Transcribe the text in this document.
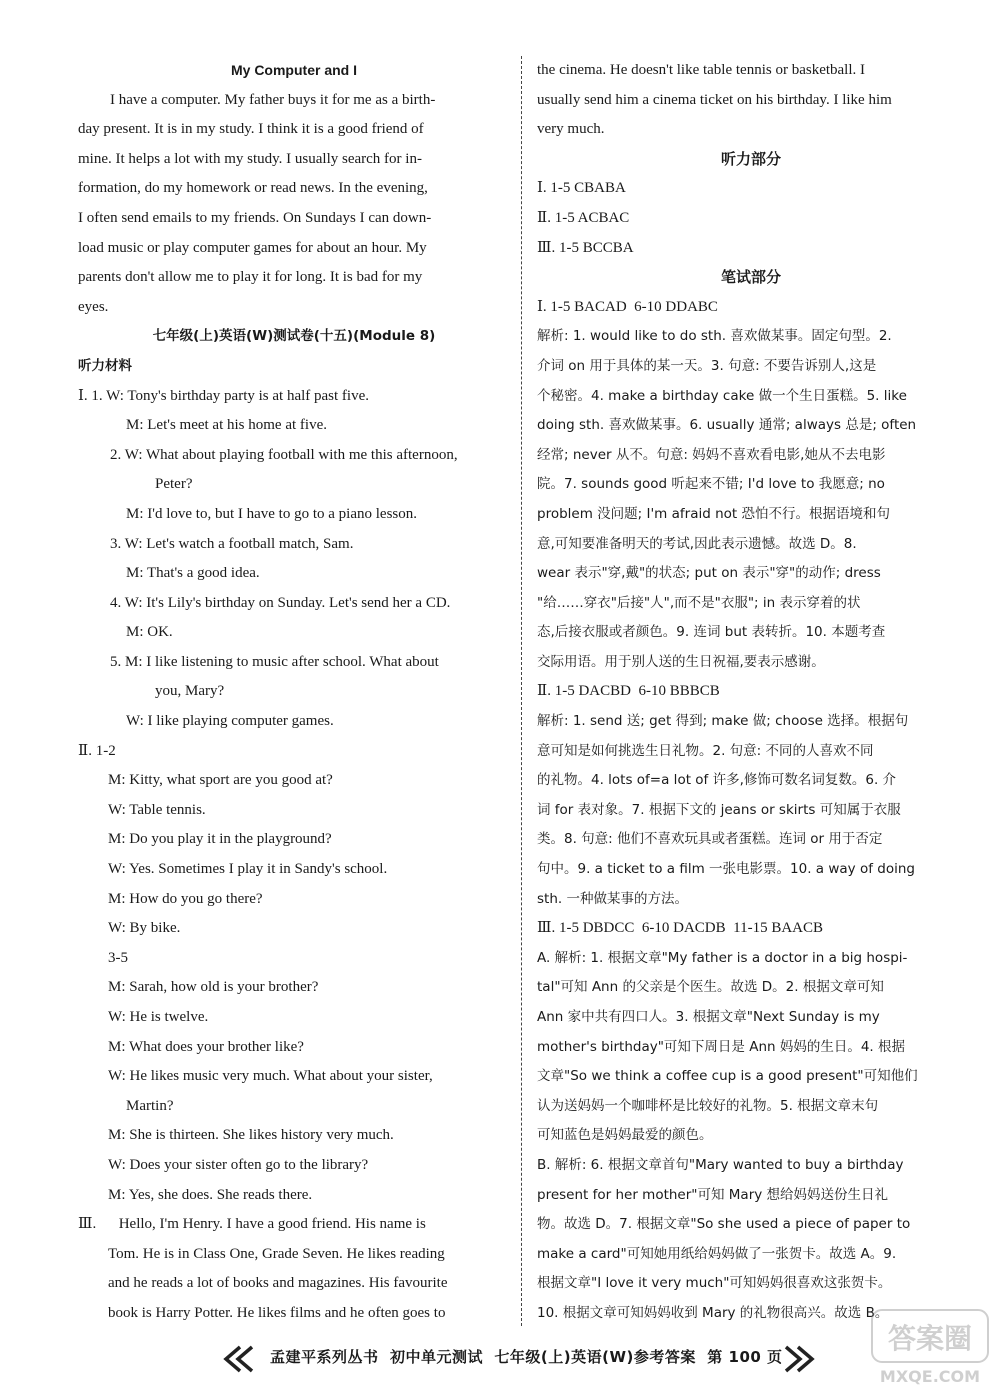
My Computer and I

I have a computer. My father buys it for me as a birth-

day present. It is in my study. I think it is a good friend of

mine. It helps a lot with my study. I usually search for in-

formation, do my homework or read news. In the evening,

I often send emails to my friends. On Sundays I can down-

load music or play computer games for about an hour. My

parents don't allow me to play it for long. It is bad for my

eyes.

七年级(上)英语(W)测试卷(十五)(Module 8)

听力材料

Ⅰ. 1. W: Tony's birthday party is at half past five.

M: Let's meet at his home at five.

2. W: What about playing football with me this afternoon,

Peter?

M: I'd love to, but I have to go to a piano lesson.

3. W: Let's watch a football match, Sam.

M: That's a good idea.

4. W: It's Lily's birthday on Sunday. Let's send her a CD.

M: OK.

5. M: I like listening to music after school. What about

you, Mary?

W: I like playing computer games.

Ⅱ. 1-2

M: Kitty, what sport are you good at?

W: Table tennis.

M: Do you play it in the playground?

W: Yes. Sometimes I play it in Sandy's school.

M: How do you go there?

W: By bike.

3-5

M: Sarah, how old is your brother?

W: He is twelve.

M: What does your brother like?

W: He likes music very much. What about your sister,

Martin?

M: She is thirteen. She likes history very much.

W: Does your sister often go to the library?

M: Yes, she does. She reads there.

Ⅲ.      Hello, I'm Henry. I have a good friend. His name is

Tom. He is in Class One, Grade Seven. He likes reading

and he reads a lot of books and magazines. His favourite

book is Harry Potter. He likes films and he often goes to

the cinema. He doesn't like table tennis or basketball. I

usually send him a cinema ticket on his birthday. I like him

very much.

听力部分

Ⅰ. 1-5 CBABA

Ⅱ. 1-5 ACBAC

Ⅲ. 1-5 BCCBA

笔试部分

Ⅰ. 1-5 BACAD  6-10 DDABC

解析: 1. would like to do sth. 喜欢做某事。固定句型。2.

介词 on 用于具体的某一天。3. 句意: 不要告诉别人,这是

个秘密。4. make a birthday cake 做一个生日蛋糕。5. like

doing sth. 喜欢做某事。6. usually 通常; always 总是; often

经常; never 从不。句意: 妈妈不喜欢看电影,她从不去电影

院。7. sounds good 听起来不错; I'd love to 我愿意; no

problem 没问题; I'm afraid not 恐怕不行。根据语境和句

意,可知要准备明天的考试,因此表示遗憾。故选 D。8.

wear 表示"穿,戴"的状态; put on 表示"穿"的动作; dress

"给……穿衣"后接"人",而不是"衣服"; in 表示穿着的状

态,后接衣服或者颜色。9. 连词 but 表转折。10. 本题考查

交际用语。用于别人送的生日祝福,要表示感谢。

Ⅱ. 1-5 DACBD  6-10 BBBCB

解析: 1. send 送; get 得到; make 做; choose 选择。根据句

意可知是如何挑选生日礼物。2. 句意: 不同的人喜欢不同

的礼物。4. lots of=a lot of 许多,修饰可数名词复数。6. 介

词 for 表对象。7. 根据下文的 jeans or skirts 可知属于衣服

类。8. 句意: 他们不喜欢玩具或者蛋糕。连词 or 用于否定

句中。9. a ticket to a film 一张电影票。10. a way of doing

sth. 一种做某事的方法。

Ⅲ. 1-5 DBDCC  6-10 DACDB  11-15 BAACB

A. 解析: 1. 根据文章"My father is a doctor in a big hospi-

tal"可知 Ann 的父亲是个医生。故选 D。2. 根据文章可知

Ann 家中共有四口人。3. 根据文章"Next Sunday is my

mother's birthday"可知下周日是 Ann 妈妈的生日。4. 根据

文章"So we think a coffee cup is a good present"可知他们

认为送妈妈一个咖啡杯是比较好的礼物。5. 根据文章末句

可知蓝色是妈妈最爱的颜色。

B. 解析: 6. 根据文章首句"Mary wanted to buy a birthday

present for her mother"可知 Mary 想给妈妈送份生日礼

物。故选 D。7. 根据文章"So she used a piece of paper to

make a card"可知她用纸给妈妈做了一张贺卡。故选 A。9.

根据文章"I love it very much"可知妈妈很喜欢这张贺卡。

10. 根据文章可知妈妈收到 Mary 的礼物很高兴。故选 B。

孟建平系列丛书  初中单元测试  七年级(上)英语(W)参考答案  第 100 页
答案圈
MXQE.COM
